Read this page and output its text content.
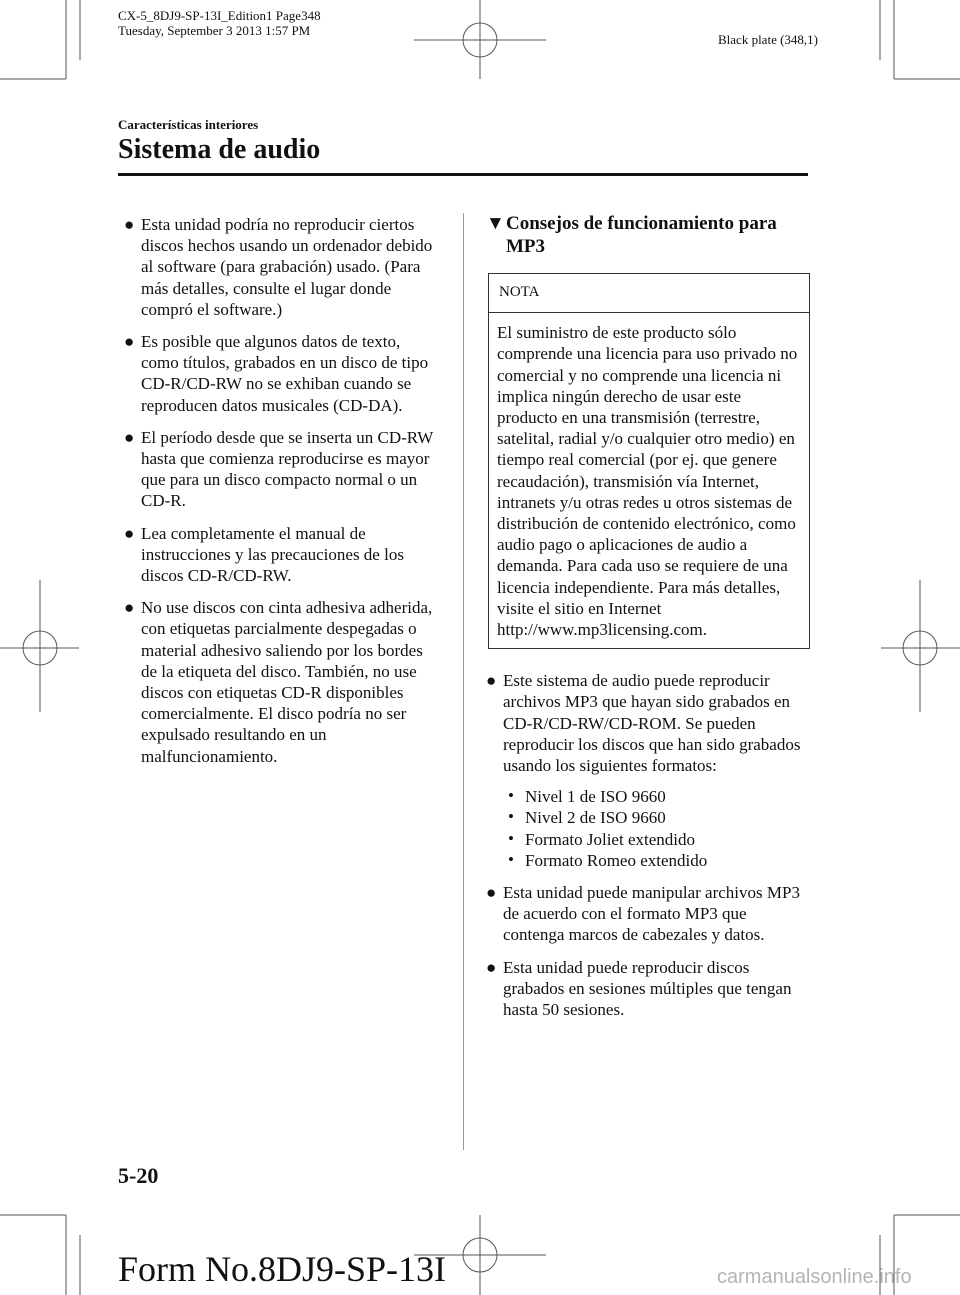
CX-5_8DJ9-SP-13I_Edition1 Page348
Tuesday, September 3 2013 1:57 PM
Black plate (348,1)
Características interiores
Sistema de audio
● Esta unidad podría no reproducir ciertos discos hechos usando un ordenador debido al software (para grabación) usado. (Para más detalles, consulte el lugar donde compró el software.)
● Es posible que algunos datos de texto, como títulos, grabados en un disco de tipo CD-R/CD-RW no se exhiban cuando se reproducen datos musicales (CD-DA).
● El período desde que se inserta un CD-RW hasta que comienza reproducirse es mayor que para un disco compacto normal o un CD-R.
● Lea completamente el manual de instrucciones y las precauciones de los discos CD-R/CD-RW.
● No use discos con cinta adhesiva adherida, con etiquetas parcialmente despegadas o material adhesivo saliendo por los bordes de la etiqueta del disco. También, no use discos con etiquetas CD-R disponibles comercialmente. El disco podría no ser expulsado resultando en un malfuncionamiento.
▼ Consejos de funcionamiento para MP3
NOTA
El suministro de este producto sólo comprende una licencia para uso privado no comercial y no comprende una licencia ni implica ningún derecho de usar este producto en una transmisión (terrestre, satelital, radial y/o cualquier otro medio) en tiempo real comercial (por ej. que genere recaudación), transmisión vía Internet, intranets y/u otras redes u otros sistemas de distribución de contenido electrónico, como audio pago o aplicaciones de audio a demanda. Para cada uso se requiere de una licencia independiente. Para más detalles, visite el sitio en Internet http://www.mp3licensing.com.
● Este sistema de audio puede reproducir archivos MP3 que hayan sido grabados en CD-R/CD-RW/CD-ROM. Se pueden reproducir los discos que han sido grabados usando los siguientes formatos:
• Nivel 1 de ISO 9660
• Nivel 2 de ISO 9660
• Formato Joliet extendido
• Formato Romeo extendido
● Esta unidad puede manipular archivos MP3 de acuerdo con el formato MP3 que contenga marcos de cabezales y datos.
● Esta unidad puede reproducir discos grabados en sesiones múltiples que tengan hasta 50 sesiones.
5-20
Form No.8DJ9-SP-13I	carmanualsonline.info
